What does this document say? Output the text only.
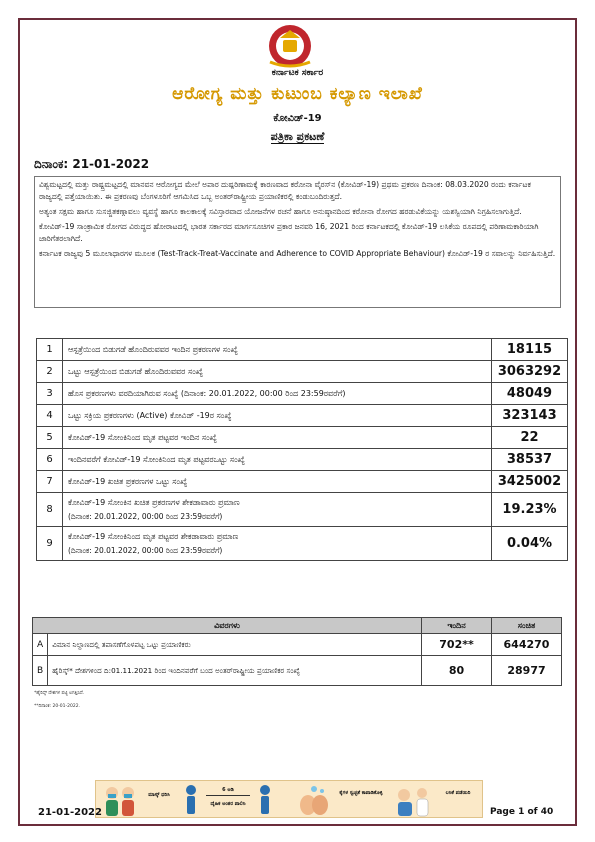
ಕರ್ನಾಟಕ ಸರ್ಕಾರ
ಆರೋಗ್ಯ ಮತ್ತು ಕುಟುಂಬ ಕಲ್ಯಾಣ ಇಲಾಖೆ
ಕೋವಿಡ್-19
ಪತ್ರಿಕಾ ಪ್ರಕಟಣೆ
ದಿನಾಂಕ: 21-01-2022

ವಿಶ್ವಮಟ್ಟದಲ್ಲಿ ಮತ್ತು ರಾಷ್ಟ್ರಮಟ್ಟದಲ್ಲಿ ಮಾನವನ ಆರೋಗ್ಯದ ಮೇಲೆ ಅಪಾರ ದುಷ್ಪರಿಣಾಮಕ್ಕೆ ಕಾರಣವಾದ ಕರೋನಾ ವೈರಸ್‌ನ (ಕೋವಿಡ್-19) ಪ್ರಥಮ ಪ್ರಕರಣ ದಿನಾಂಕ: 08.03.2020 ರಂದು ಕರ್ನಾಟಕ ರಾಜ್ಯದಲ್ಲಿ ಪತ್ತೆಯಾಯಿತು. ಈ ಪ್ರಕರಣವು ಬೆಂಗಳೂರಿಗೆ ಆಗಮಿಸಿದ ಒಬ್ಬ ಅಂತರ್‌ರಾಷ್ಟ್ರೀಯ ಪ್ರಯಾಣಿಕರಲ್ಲಿ ಕಂಡುಬಂದಿರುತ್ತದೆ.

ಅತ್ಯಂತ ಸಕ್ಷಮ ಹಾಗೂ ಸುಸಜ್ಜಿತಕಣ್ಗಾವಲು ವ್ಯವಸ್ಥೆ ಹಾಗೂ ಕಾಲಕಾಲಕ್ಕೆ ಸವಿಸ್ತಾರವಾದ ಯೋಜನೆಗಳ ರಚನೆ ಹಾಗೂ ಅನುಷ್ಠಾನದಿಂದ ಕರೋನಾ ರೋಗದ ಹರಡುವಿಕೆಯನ್ನು ಯಶಸ್ವಿಯಾಗಿ ನಿಗ್ರಹಿಸಲಾಗುತ್ತಿದೆ.

ಕೋವಿಡ್-19 ಸಾಂಕ್ರಾಮಿಕ ರೋಗದ ವಿರುದ್ಧದ ಹೋರಾಟದಲ್ಲಿ ಭಾರತ ಸರ್ಕಾರದ ಮಾರ್ಗಸೂಚಿಗಳ ಪ್ರಕಾರ ಜನವರಿ 16, 2021 ರಿಂದ ಕರ್ನಾಟಕದಲ್ಲಿ ಕೋವಿಡ್-19 ಲಸಿಕೆಯ ರೂಪದಲ್ಲಿ ಪರಿಣಾಮಕಾರಿಯಾಗಿ ಜಾರಿಗೆತರಲಾಗಿದೆ.

ಕರ್ನಾಟಕ ರಾಜ್ಯವು 5 ಮೂಲಾಧಾರಗಳ ಮೂಲಕ (Test-Track-Treat-Vaccinate and Adherence to COVID Appropriate Behaviour) ಕೋವಿಡ್-19 ರ ಸವಾಲನ್ನು ನಿರ್ವಹಿಸುತ್ತಿದೆ.

1	ಆಸ್ಪತ್ರೆಯಿಂದ ಬಿಡುಗಡೆ ಹೊಂದಿರುವವರ ಇಂದಿನ ಪ್ರಕರಣಗಳ ಸಂಖ್ಯೆ	18115
2	ಒಟ್ಟು ಆಸ್ಪತ್ರೆಯಿಂದ ಬಿಡುಗಡೆ ಹೊಂದಿರುವವರ ಸಂಖ್ಯೆ	3063292
3	ಹೊಸ ಪ್ರಕರಣಗಳು ವರದಿಯಾಗಿರುವ ಸಂಖ್ಯೆ (ದಿನಾಂಕ: 20.01.2022, 00:00 ರಿಂದ 23:59ರವರೆಗೆ)	48049
4	ಒಟ್ಟು ಸಕ್ರಿಯ ಪ್ರಕರಣಗಳು (Active) ಕೋವಿಡ್ -19ರ ಸಂಖ್ಯೆ	323143
5	ಕೋವಿಡ್-19 ಸೋಂಕಿನಿಂದ ಮೃತ ಪಟ್ಟವರ ಇಂದಿನ ಸಂಖ್ಯೆ	22
6	ಇಂದಿನವರೆಗೆ ಕೋವಿಡ್-19 ಸೋಂಕಿನಿಂದ ಮೃತ ಪಟ್ಟವರಒಟ್ಟು ಸಂಖ್ಯೆ	38537
7	ಕೋವಿಡ್-19 ಖಚಿತ ಪ್ರಕರಣಗಳ ಒಟ್ಟು ಸಂಖ್ಯೆ	3425002
8	ಕೋವಿಡ್-19 ಸೋಂಕಿನ ಖಚಿತ ಪ್ರಕರಣಗಳ ಶೇಕಡಾವಾರು ಪ್ರಮಾಣ
(ದಿನಾಂಕ: 20.01.2022, 00:00 ರಿಂದ 23:59ರವರೆಗೆ)	19.23%
9	ಕೋವಿಡ್-19 ಸೋಂಕಿನಿಂದ ಮೃತ ಪಟ್ಟವರ ಶೇಕಡಾವಾರು ಪ್ರಮಾಣ
(ದಿನಾಂಕ: 20.01.2022, 00:00 ರಿಂದ 23:59ರವರೆಗೆ)	0.04%
ವಿವರಗಳು		ಇಂದಿನ	ಸಂಚಿತ
A	ವಿಮಾನ ನಿಲ್ದಾಣದಲ್ಲಿ ತಪಾಸಣೆಗೊಳಪಟ್ಟ ಒಟ್ಟು ಪ್ರಯಾಣಿಕರು	702**	644270
B	ಹೈರಿಸ್ಕ್* ದೇಶಗಳಿಂದ ದಿ:01.11.2021 ರಿಂದ ಇಂದಿನವರೆಗೆ ಬಂದ ಅಂತರ್‌ರಾಷ್ಟ್ರೀಯ ಪ್ರಯಾಣಿಕರ ಸಂಖ್ಯೆ	80	28977
*ಹೈರಿಸ್ಕ್ ದೇಶಗಳ ಪಟ್ಟಿ ಲಗತ್ತಿಸಿದೆ.
**ದಿನಾಂಕ: 20-01-2022.
ಮಾಸ್ಕ್ ಧರಿಸಿ
6 ಅಡಿ
ದೈಹಿಕ ಅಂತರ ಪಾಲಿಸಿ
ಕೈಗಳ ಸ್ವಚ್ಛತೆ ಕಾಪಾಡಿಕೊಳ್ಳಿ	ಲಸಿಕೆ ಪಡೆಯಿರಿ
21-01-2022	Page 1 of 40
